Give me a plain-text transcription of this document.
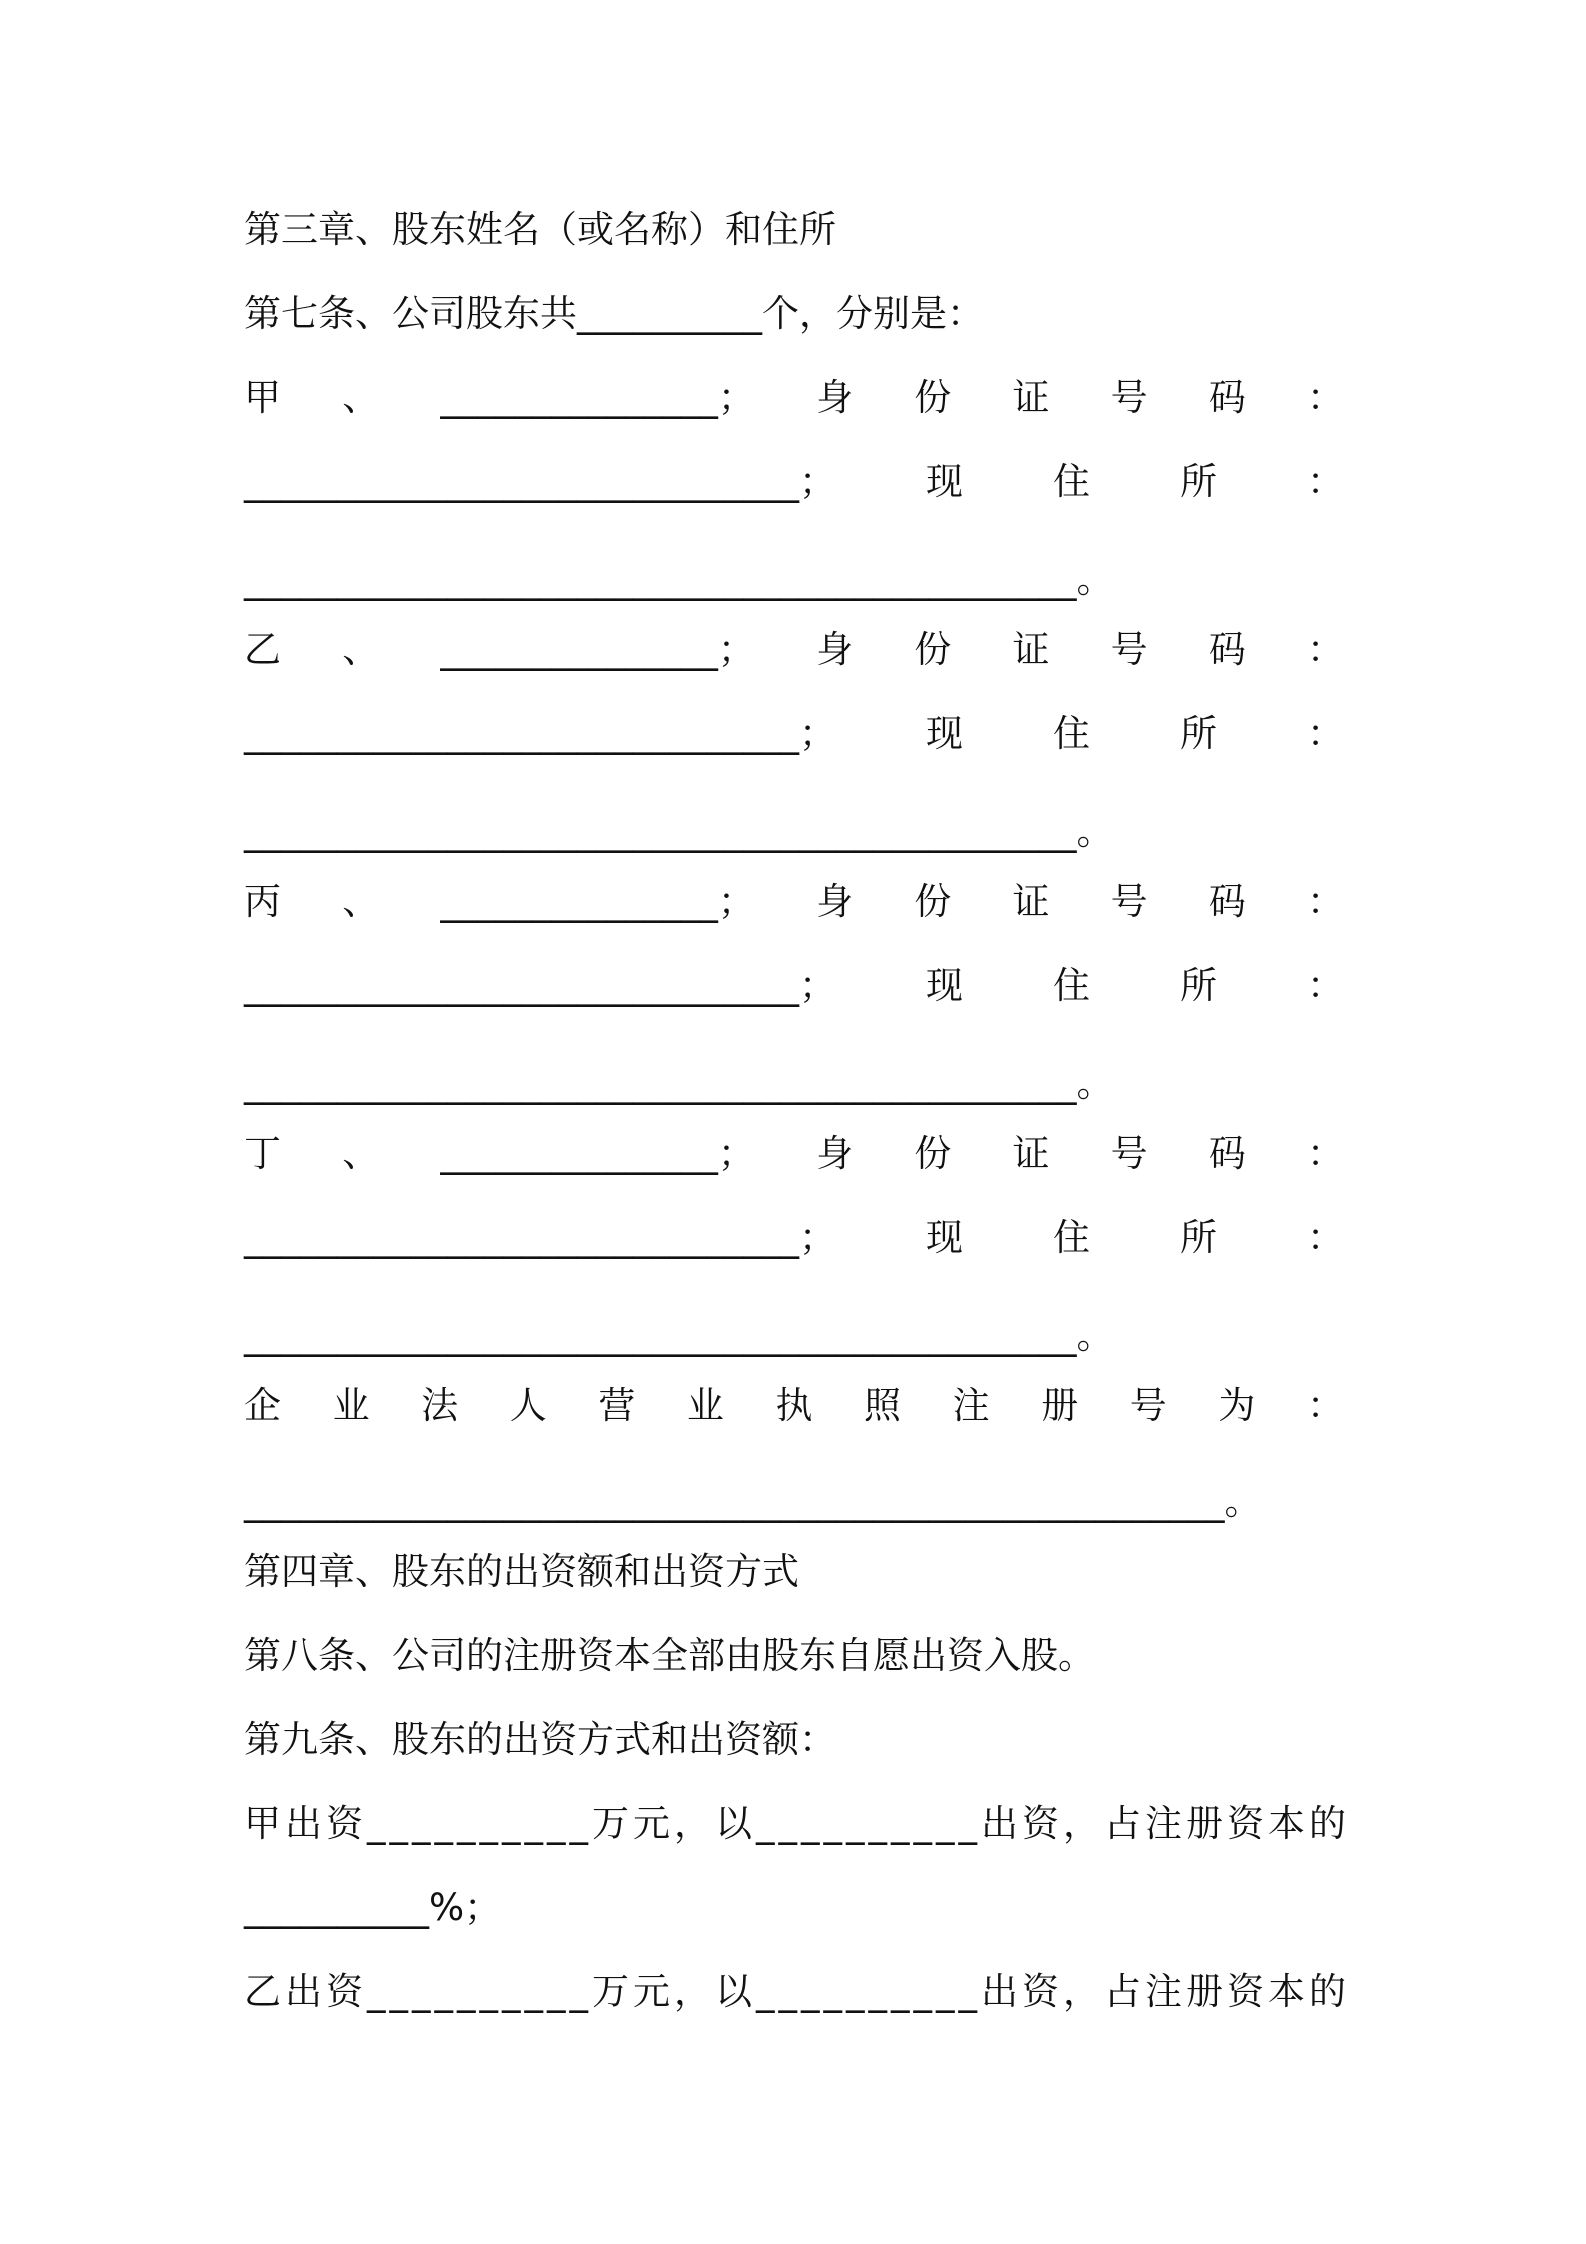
第三章、股东姓名（或名称）和住所
第七条、公司股东共__________个，分别是：
甲 、 _______________； 身 份 证 号 码 ：
______________________________； 现 住 所 ：
_____________________________________________。
乙 、 _______________； 身 份 证 号 码 ：
______________________________； 现 住 所 ：
_____________________________________________。
丙 、 _______________； 身 份 证 号 码 ：
______________________________； 现 住 所 ：
_____________________________________________。
丁 、 _______________； 身 份 证 号 码 ：
______________________________； 现 住 所 ：
_____________________________________________。
企 业 法 人 营 业 执 照 注 册 号 为 ：
_____________________________________________________。
第四章、股东的出资额和出资方式
第八条、公司的注册资本全部由股东自愿出资入股。
第九条、股东的出资方式和出资额：
甲出资__________万元，以__________出资，占注册资本的
__________%；
乙出资__________万元，以__________出资，占注册资本的
